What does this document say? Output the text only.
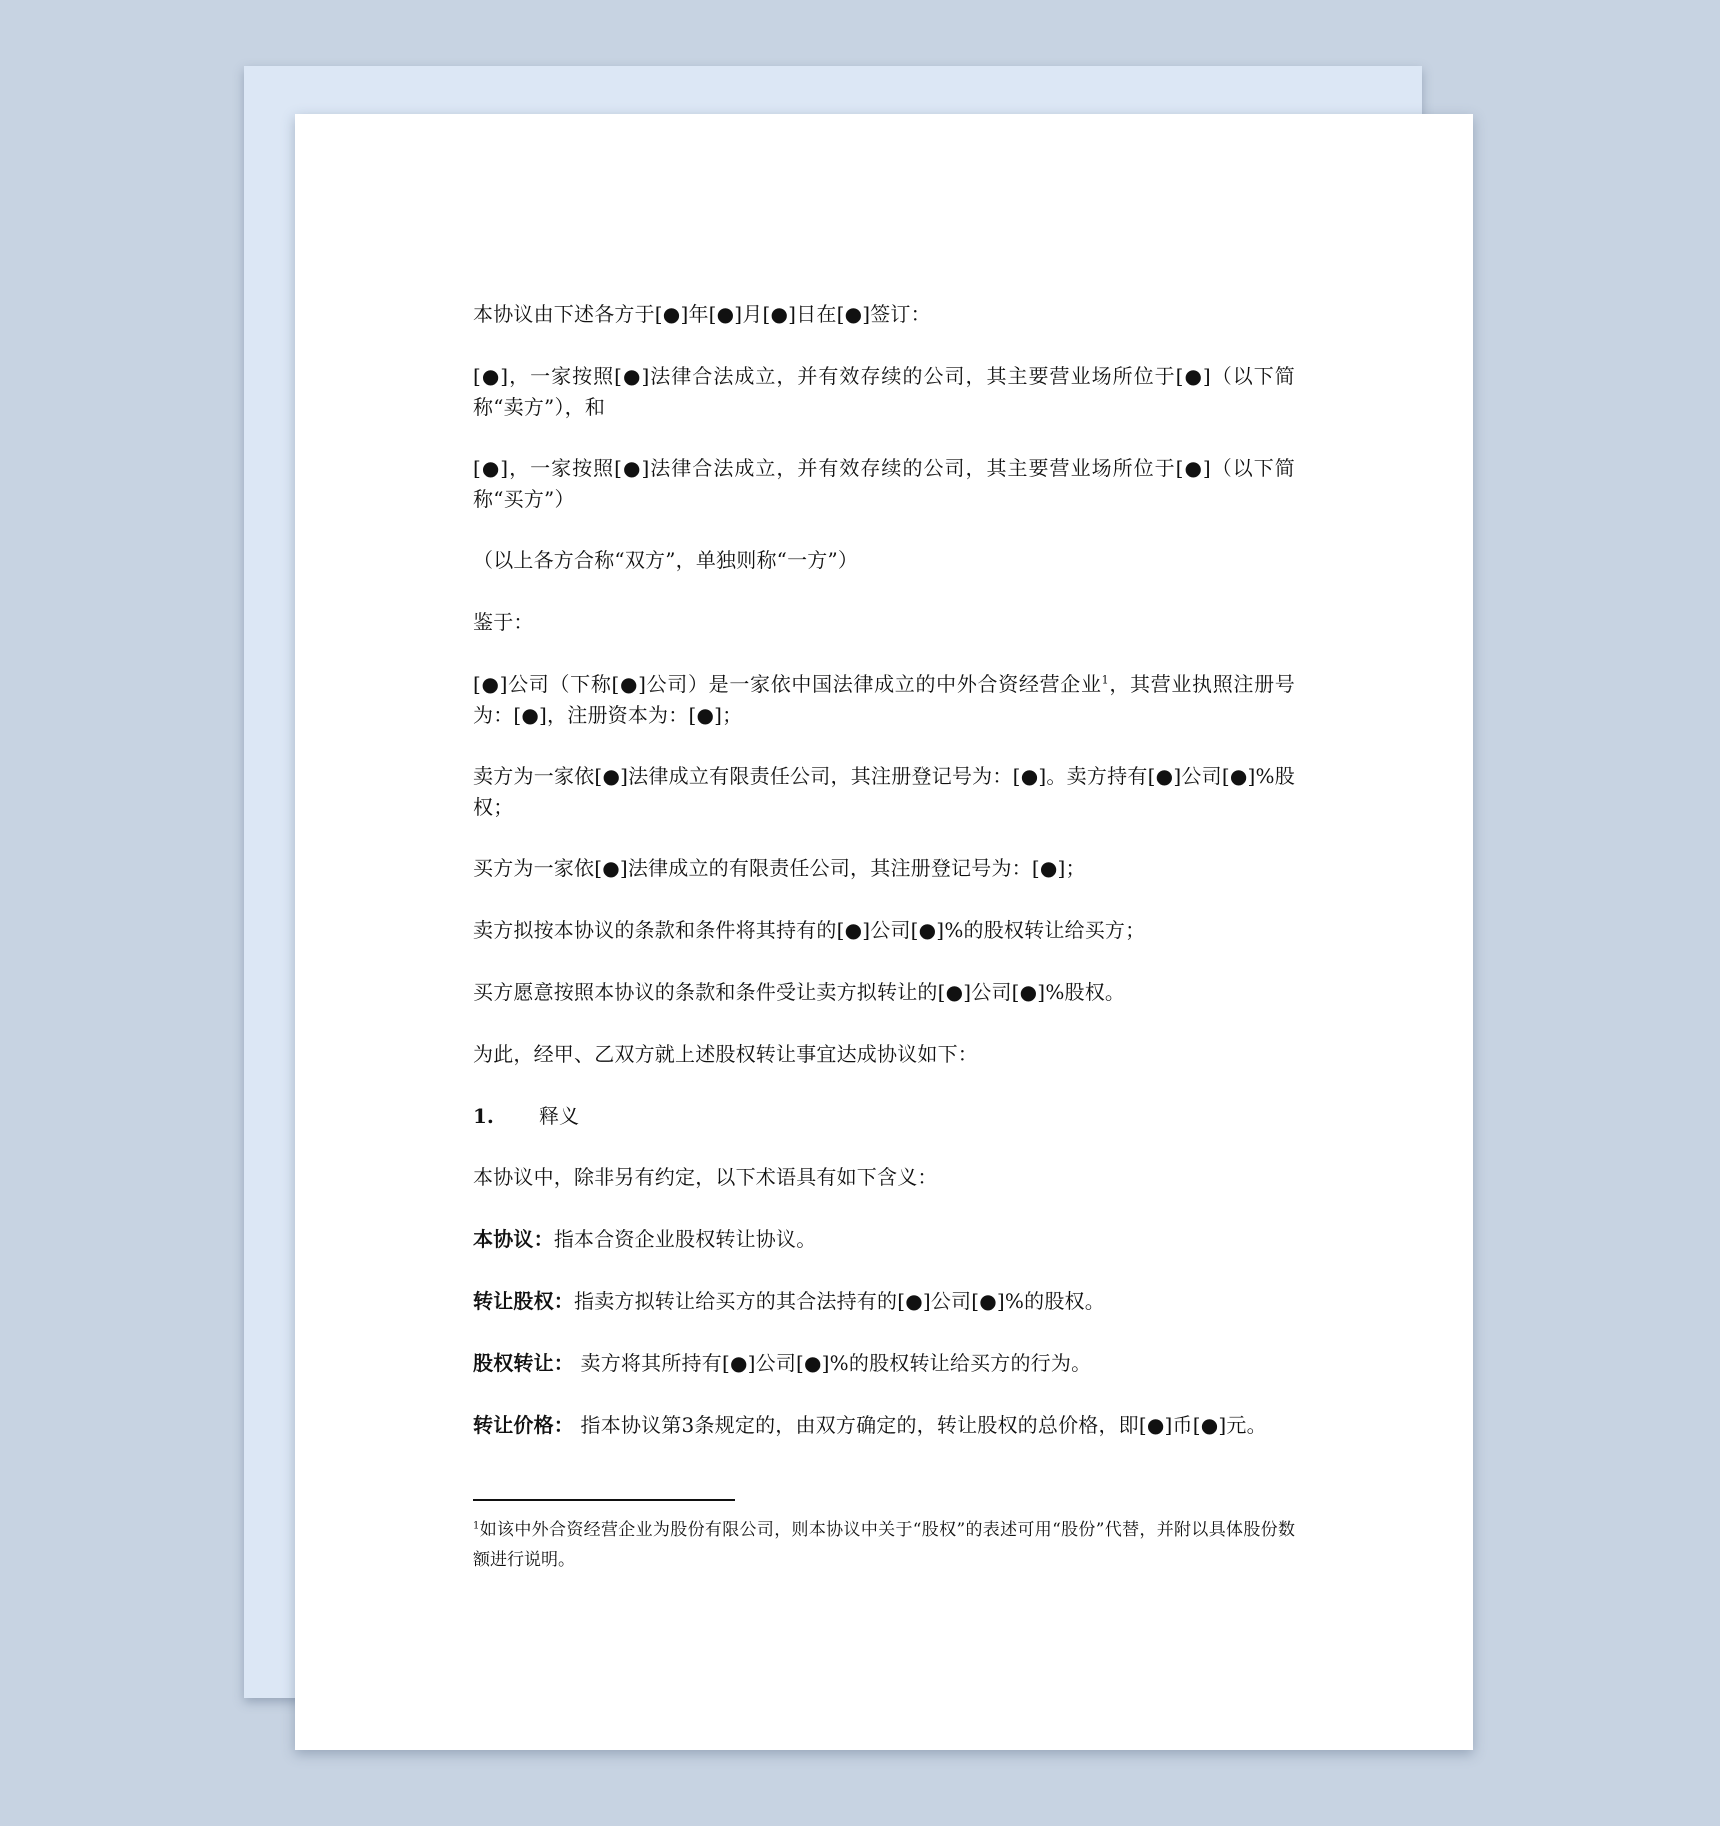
本协议由下述各方于[●]年[●]月[●]日在[●]签订：

[●]，一家按照[●]法律合法成立，并有效存续的公司，其主要营业场所位于[●]（以下简称“卖方”），和

[●]，一家按照[●]法律合法成立，并有效存续的公司，其主要营业场所位于[●]（以下简称“买方”）

（以上各方合称“双方”，单独则称“一方”）

鉴于：

[●]公司（下称[●]公司）是一家依中国法律成立的中外合资经营企业$^1$，其营业执照注册号为：[●]，注册资本为：[●]；

卖方为一家依[●]法律成立有限责任公司，其注册登记号为：[●]。卖方持有[●]公司[●]%股权；

买方为一家依[●]法律成立的有限责任公司，其注册登记号为：[●]；

卖方拟按本协议的条款和条件将其持有的[●]公司[●]%的股权转让给买方；

买方愿意按照本协议的条款和条件受让卖方拟转让的[●]公司[●]%股权。

为此，经甲、乙双方就上述股权转让事宜达成协议如下：

1.	释义

本协议中，除非另有约定，以下术语具有如下含义：

本协议：指本合资企业股权转让协议。

转让股权：指卖方拟转让给买方的其合法持有的[●]公司[●]%的股权。

股权转让： 卖方将其所持有[●]公司[●]%的股权转让给买方的行为。

转让价格： 指本协议第3条规定的，由双方确定的，转让股权的总价格，即[●]币[●]元。

$^1$如该中外合资经营企业为股份有限公司，则本协议中关于“股权”的表述可用“股份”代替，并附以具体股份数额进行说明。
